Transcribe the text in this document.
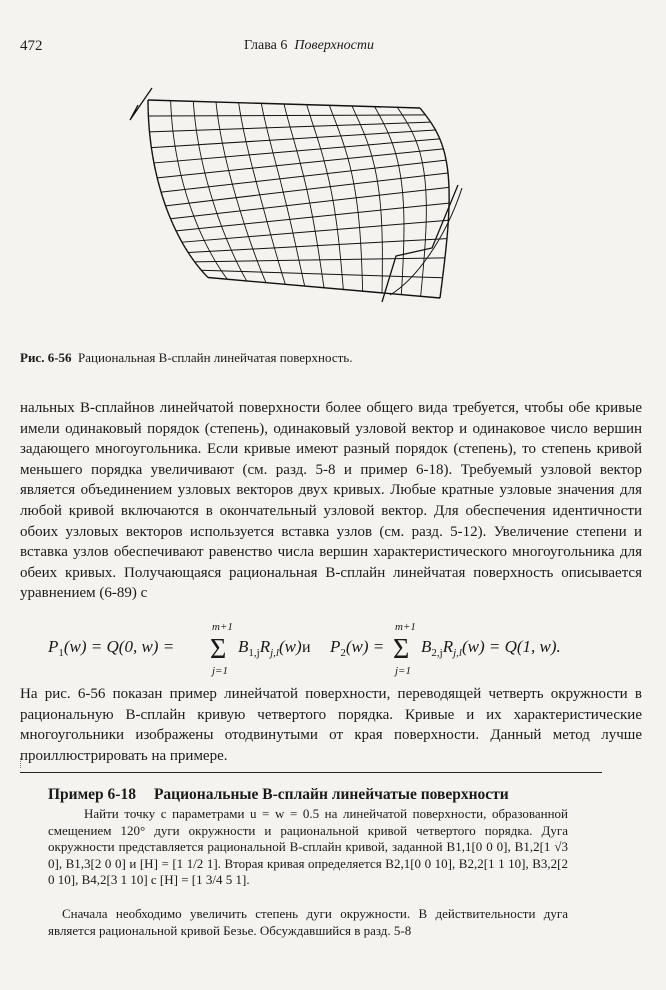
472	Глава 6 Поверхности
Рис. 6-56 Рациональная B-сплайн линейчатая поверхность.
нальных B-сплайнов линейчатой поверхности более общего вида требуется, чтобы обе кривые имели одинаковый порядок (степень), одинаковый узловой вектор и одинаковое число вершин задающего многоугольника. Если кривые имеют разный порядок (степень), то степень кривой меньшего порядка увеличивают (см. разд. 5-8 и пример 6-18). Требуемый узловой вектор является объединением узловых векторов двух кривых. Любые кратные узловые значения для любой кривой включаются в окончательный узловой вектор. Для обеспечения идентичности обоих узловых векторов используется вставка узлов (см. разд. 5-12). Увеличение степени и вставка узлов обеспечивают равенство числа вершин характеристического многоугольника для обеих кривых. Получающаяся рациональная B-сплайн линейчатая поверхность описывается уравнением (6-89) с
$P_1(w) = Q(0$, w) =
m+1
Σ
j=1
$B_{1,j}R_{j,l}(w)$ и $P_2(w)$ =
m+1
Σ
j=1
$B_{2,j}R_{j,l}(w) = Q(1$, w).
На рис. 6-56 показан пример линейчатой поверхности, переводящей четверть окружности в рациональную B-сплайн кривую четвертого порядка. Кривые и их характеристические многоугольники изображены отодвинутыми от края поверхности. Данный метод лучше проиллюстрировать на примере.
Пример 6-18 Рациональные B-сплайн линейчатые поверхности
Найти точку с параметрами u = w = 0.5 на линейчатой поверхности, образованной смещением 120° дуги окружности и рациональной кривой четвертого порядка. Дуга окружности представляется рациональной B-сплайн кривой, заданной B1,1[0 0 0], B1,2[1 √3 0], B1,3[2 0 0] и [H] = [1 1/2 1]. Вторая кривая определяется B2,1[0 0 10], B2,2[1 1 10], B3,2[2 0 10], B4,2[3 1 10] с [H] = [1 3/4 5 1].
Сначала необходимо увеличить степень дуги окружности. В действительности дуга является рациональной кривой Безье. Обсуждавшийся в разд. 5-8
